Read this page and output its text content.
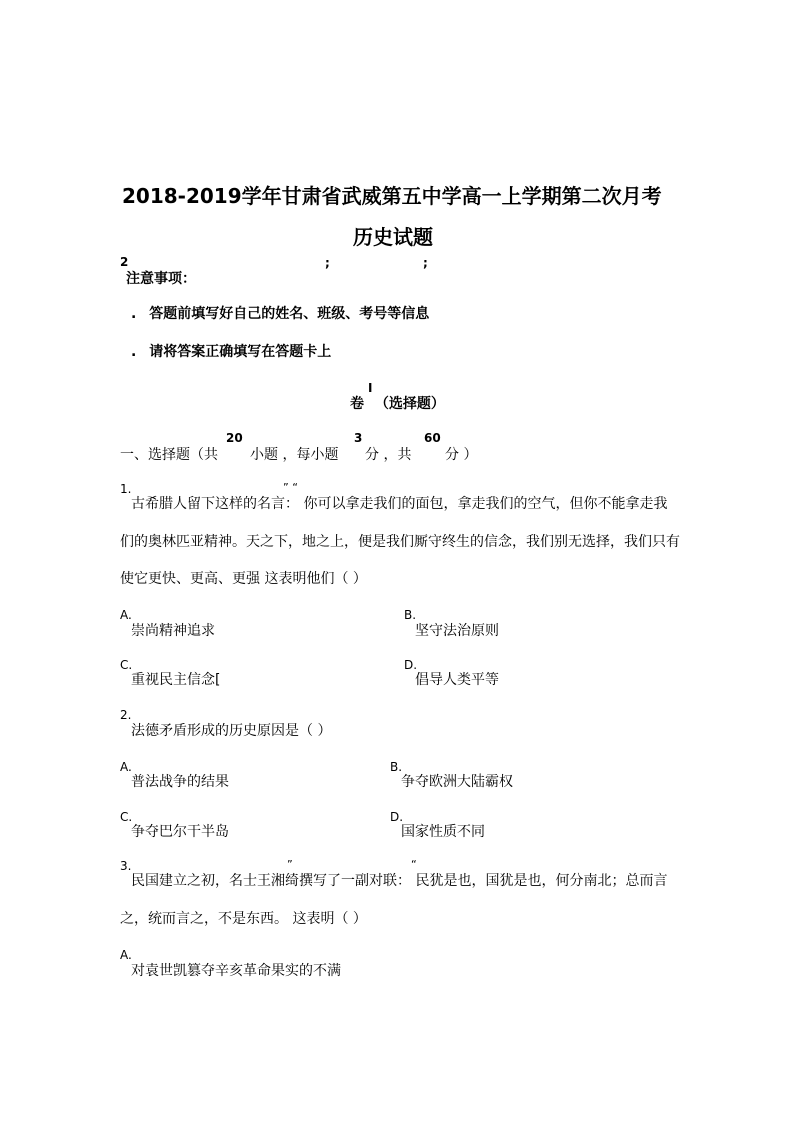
2018-2019学年甘肃省武威第五中学高一上学期第二次月考
历史试题
2	;	;
注意事项：
. 答题前填写好自己的姓名、班级、考号等信息
. 请将答案正确填写在答题卡上
I
卷 （选择题）
一、选择题（共
20
小题 ，每小题
3
分 ，共
60
分 ）
1.	” “
古希腊人留下这样的名言： 你可以拿走我们的面包，拿走我们的空气，但你不能拿走我
们的奥林匹亚精神。天之下，地之上，便是我们厮守终生的信念，我们别无选择，我们只有
使它更快、更高、更强 这表明他们（ ）
A.
崇尚精神追求
B.
坚守法治原则
C.
重视民主信念[
D.
倡导人类平等
2.
法德矛盾形成的历史原因是（ ）
A.
普法战争的结果
B.
争夺欧洲大陆霸权
C.
争夺巴尔干半岛
D.
国家性质不同
3.	”	“
民国建立之初，名士王湘绮撰写了一副对联： 民犹是也，国犹是也，何分南北；总而言
之，统而言之，不是东西。 这表明（ ）
A.
对袁世凯篡夺辛亥革命果实的不满
